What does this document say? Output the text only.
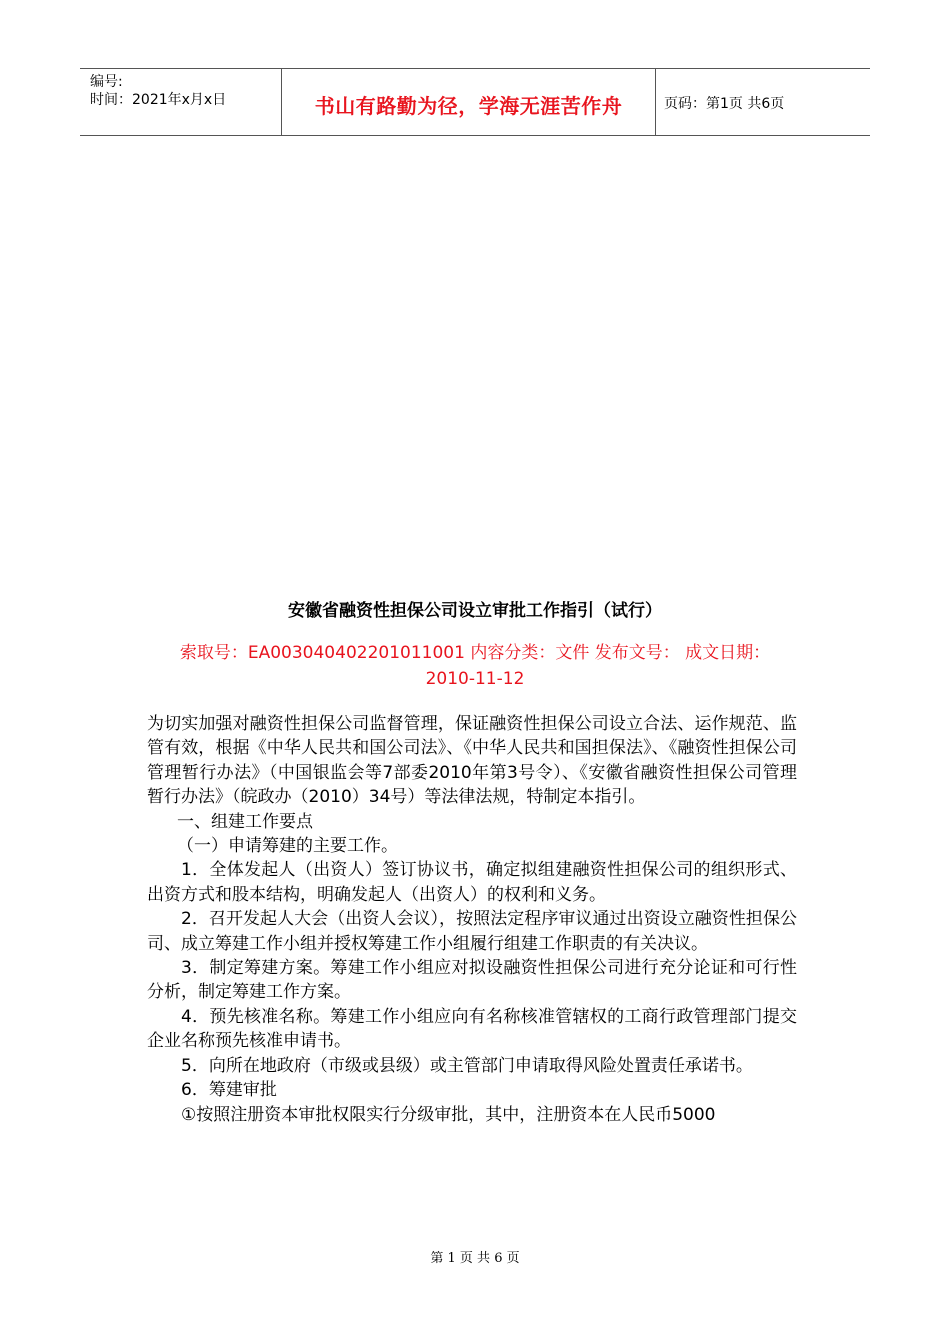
编号:
时间：2021年x月x日	书山有路勤为径，学海无涯苦作舟	页码：第1页 共6页
安徽省融资性担保公司设立审批工作指引（试行）
索取号：EA003040402201011001 内容分类：文件 发布文号： 成文日期：
2010-11-12

为切实加强对融资性担保公司监督管理，保证融资性担保公司设立合法、运作规范、监管有效，根据《中华人民共和国公司法》、《中华人民共和国担保法》、《融资性担保公司管理暂行办法》（中国银监会等7部委2010年第3号令）、《安徽省融资性担保公司管理暂行办法》（皖政办（2010）34号）等法律法规，特制定本指引。

一、组建工作要点

（一）申请筹建的主要工作。

1．全体发起人（出资人）签订协议书，确定拟组建融资性担保公司的组织形式、出资方式和股本结构，明确发起人（出资人）的权利和义务。

2．召开发起人大会（出资人会议），按照法定程序审议通过出资设立融资性担保公司、成立筹建工作小组并授权筹建工作小组履行组建工作职责的有关决议。

3．制定筹建方案。筹建工作小组应对拟设融资性担保公司进行充分论证和可行性分析，制定筹建工作方案。

4．预先核准名称。筹建工作小组应向有名称核准管辖权的工商行政管理部门提交企业名称预先核准申请书。

5．向所在地政府（市级或县级）或主管部门申请取得风险处置责任承诺书。

6．筹建审批

①按照注册资本审批权限实行分级审批，其中，注册资本在人民币5000

第 1 页 共 6 页
